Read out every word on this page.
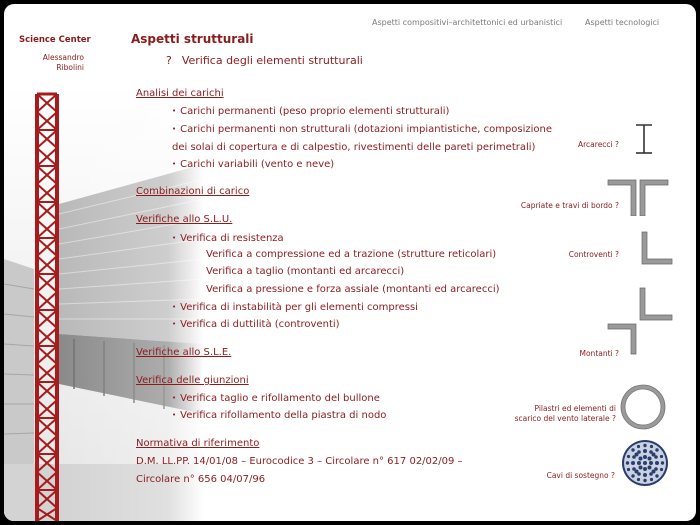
Aspetti compositivi–architettonici ed urbanistici	Aspetti tecnologici
Science Center
Alessandro
Ribolini
Aspetti strutturali
? Verifica degli elementi strutturali
Analisi dei carichi
• Carichi permanenti (peso proprio elementi strutturali)
• Carichi permanenti non strutturali (dotazioni impiantistiche, composizione
dei solai di copertura e di calpestio, rivestimenti delle pareti perimetrali)
• Carichi variabili (vento e neve)
Combinazioni di carico
Verifiche allo S.L.U.
• Verifica di resistenza
Verifica a compressione ed a trazione (strutture reticolari)
Verifica a taglio (montanti ed arcarecci)
Verifica a pressione e forza assiale (montanti ed arcarecci)
• Verifica di instabilità per gli elementi compressi
• Verifica di duttilità (controventi)
Verifiche allo S.L.E.
Verifica delle giunzioni
• Verifica taglio e rifollamento del bullone
• Verifica rifollamento della piastra di nodo
Normativa di riferimento
D.M. LL.PP. 14/01/08 – Eurocodice 3 – Circolare n° 617 02/02/09 –
Circolare n° 656 04/07/96
Arcarecci ?
Capriate e travi di bordo ?
Controventi ?
Montanti ?
Pilastri ed elementi di
scarico del vento laterale ?
Cavi di sostegno ?
